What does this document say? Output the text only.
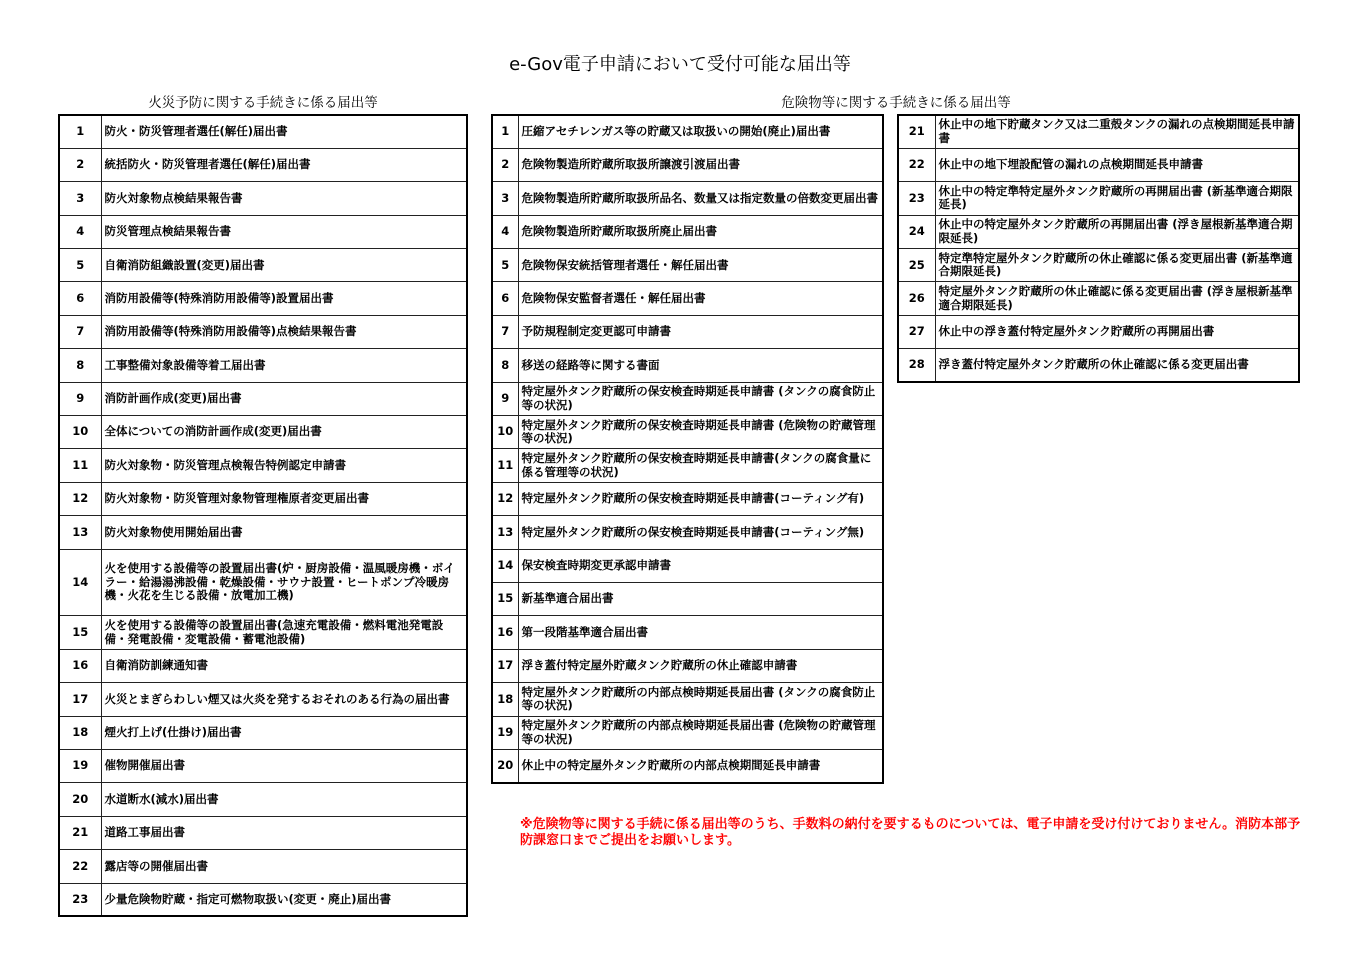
e-Gov電子申請において受付可能な届出等
火災予防に関する手続きに係る届出等	危険物等に関する手続きに係る届出等
1	防火・防災管理者選任(解任)届出書
2	統括防火・防災管理者選任(解任)届出書
3	防火対象物点検結果報告書
4	防災管理点検結果報告書
5	自衛消防組織設置(変更)届出書
6	消防用設備等(特殊消防用設備等)設置届出書
7	消防用設備等(特殊消防用設備等)点検結果報告書
8	工事整備対象設備等着工届出書
9	消防計画作成(変更)届出書
10	全体についての消防計画作成(変更)届出書
11	防火対象物・防災管理点検報告特例認定申請書
12	防火対象物・防災管理対象物管理権原者変更届出書
13	防火対象物使用開始届出書
14	火を使用する設備等の設置届出書(炉・厨房設備・温風暖房機・ボイラー・給湯湯沸設備・乾燥設備・サウナ設置・ヒートポンプ冷暖房機・火花を生じる設備・放電加工機)
15	火を使用する設備等の設置届出書(急速充電設備・燃料電池発電設備・発電設備・変電設備・蓄電池設備)
16	自衛消防訓練通知書
17	火災とまぎらわしい煙又は火炎を発するおそれのある行為の届出書
18	煙火打上げ(仕掛け)届出書
19	催物開催届出書
20	水道断水(減水)届出書
21	道路工事届出書
22	露店等の開催届出書
23	少量危険物貯蔵・指定可燃物取扱い(変更・廃止)届出書
1	圧縮アセチレンガス等の貯蔵又は取扱いの開始(廃止)届出書
2	危険物製造所貯蔵所取扱所譲渡引渡届出書
3	危険物製造所貯蔵所取扱所品名、数量又は指定数量の倍数変更届出書
4	危険物製造所貯蔵所取扱所廃止届出書
5	危険物保安統括管理者選任・解任届出書
6	危険物保安監督者選任・解任届出書
7	予防規程制定変更認可申請書
8	移送の経路等に関する書面
9	特定屋外タンク貯蔵所の保安検査時期延長申請書 (タンクの腐食防止等の状況)
10	特定屋外タンク貯蔵所の保安検査時期延長申請書 (危険物の貯蔵管理等の状況)
11	特定屋外タンク貯蔵所の保安検査時期延長申請書(タンクの腐食量に係る管理等の状況)
12	特定屋外タンク貯蔵所の保安検査時期延長申請書(コーティング有)
13	特定屋外タンク貯蔵所の保安検査時期延長申請書(コーティング無)
14	保安検査時期変更承認申請書
15	新基準適合届出書
16	第一段階基準適合届出書
17	浮き蓋付特定屋外貯蔵タンク貯蔵所の休止確認申請書
18	特定屋外タンク貯蔵所の内部点検時期延長届出書 (タンクの腐食防止等の状況)
19	特定屋外タンク貯蔵所の内部点検時期延長届出書 (危険物の貯蔵管理等の状況)
20	休止中の特定屋外タンク貯蔵所の内部点検期間延長申請書
21	休止中の地下貯蔵タンク又は二重殻タンクの漏れの点検期間延長申請書
22	休止中の地下埋設配管の漏れの点検期間延長申請書
23	休止中の特定準特定屋外タンク貯蔵所の再開届出書 (新基準適合期限延長)
24	休止中の特定屋外タンク貯蔵所の再開届出書 (浮き屋根新基準適合期限延長)
25	特定準特定屋外タンク貯蔵所の休止確認に係る変更届出書 (新基準適合期限延長)
26	特定屋外タンク貯蔵所の休止確認に係る変更届出書 (浮き屋根新基準適合期限延長)
27	休止中の浮き蓋付特定屋外タンク貯蔵所の再開届出書
28	浮き蓋付特定屋外タンク貯蔵所の休止確認に係る変更届出書
※危険物等に関する手続に係る届出等のうち、手数料の納付を要するものについては、電子申請を受け付けておりません。消防本部予防課窓口までご提出をお願いします。
